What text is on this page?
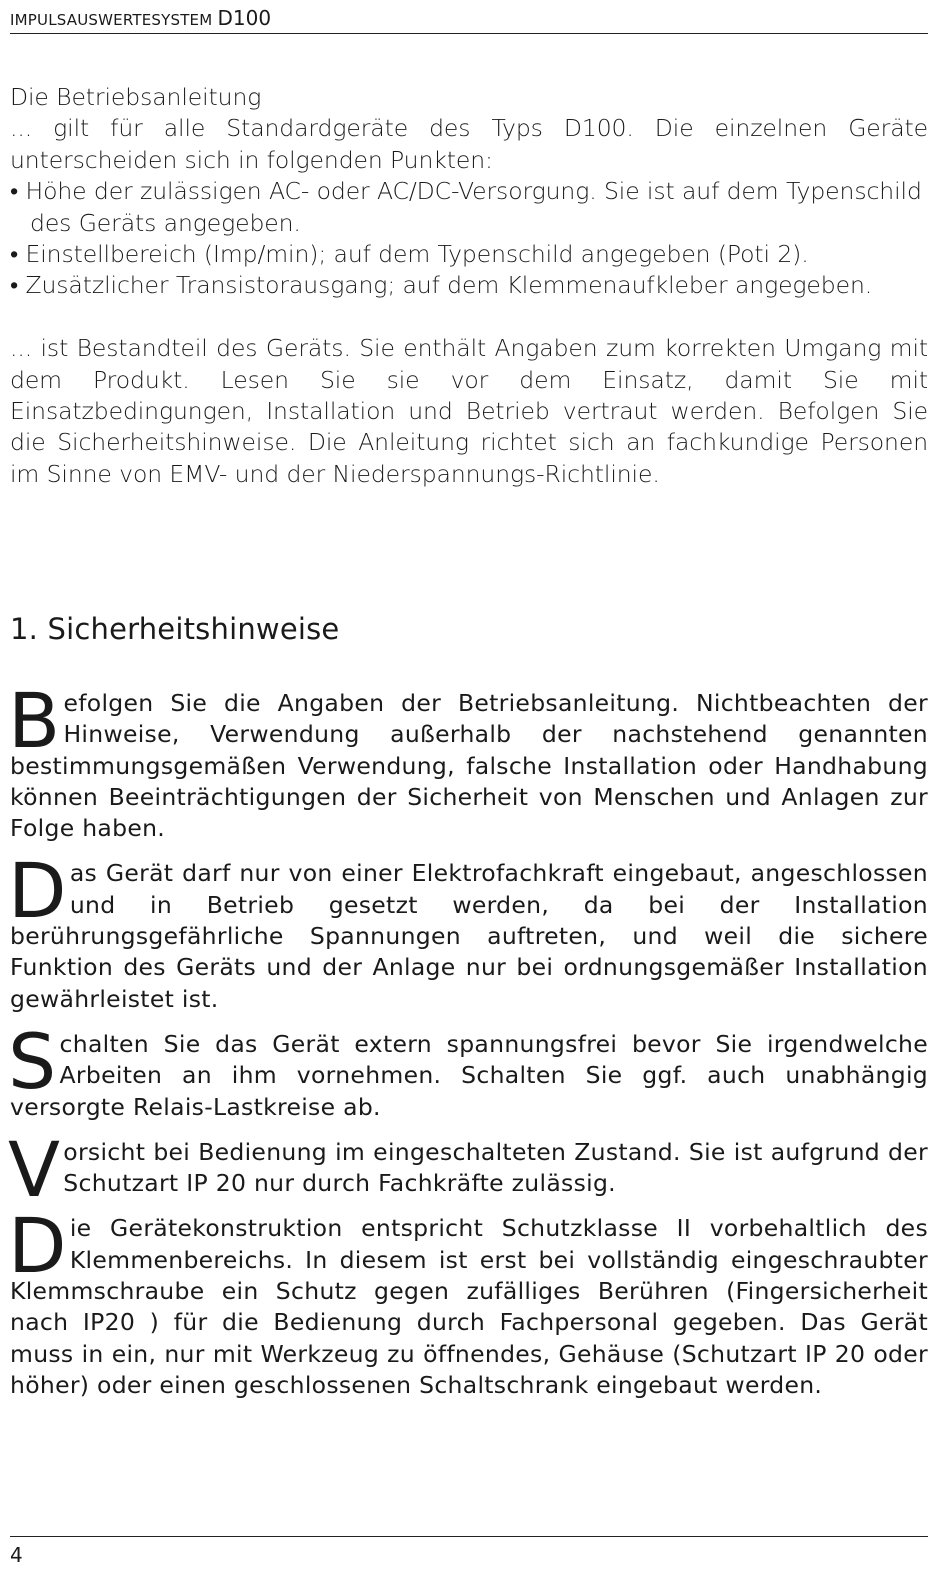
IMPULSAUSWERTESYSTEM D100

Die Betriebsanleitung

... gilt für alle Standardgeräte des Typs D100. Die einzelnen Geräte unterscheiden sich in folgenden Punkten:

• Höhe der zulässigen AC- oder AC/DC-Versorgung. Sie ist auf dem Typenschild des Geräts angegeben.

• Einstellbereich (Imp/min); auf dem Typenschild angegeben (Poti 2).

• Zusätzlicher Transistorausgang; auf dem Klemmenaufkleber angegeben.

... ist Bestandteil des Geräts. Sie enthält Angaben zum korrekten Umgang mit dem Produkt. Lesen Sie sie vor dem Einsatz, damit Sie mit Einsatzbedingungen, Installation und Betrieb vertraut werden. Befolgen Sie die Sicherheitshinweise. Die Anleitung richtet sich an fachkundige Personen im Sinne von EMV- und der Niederspannungs-Richtlinie.

1. Sicherheitshinweise

Befolgen Sie die Angaben der Betriebsanleitung. Nichtbeachten der Hinweise, Verwendung außerhalb der nachstehend genannten bestimmungsgemäßen Verwendung, falsche Installation oder Handhabung können Beeinträchtigungen der Sicherheit von Menschen und Anlagen zur Folge haben.

Das Gerät darf nur von einer Elektrofachkraft eingebaut, angeschlossen und in Betrieb gesetzt werden, da bei der Installation berührungsgefährliche Spannungen auftreten, und weil die sichere Funktion des Geräts und der Anlage nur bei ordnungsgemäßer Installation gewährleistet ist.

Schalten Sie das Gerät extern spannungsfrei bevor Sie irgendwelche Arbeiten an ihm vornehmen. Schalten Sie ggf. auch unabhängig versorgte Relais-Lastkreise ab.

Vorsicht bei Bedienung im eingeschalteten Zustand. Sie ist aufgrund der Schutzart IP 20 nur durch Fachkräfte zulässig.

Die Gerätekonstruktion entspricht Schutzklasse II vorbehaltlich des Klemmenbereichs. In diesem ist erst bei vollständig eingeschraubter Klemmschraube ein Schutz gegen zufälliges Berühren (Fingersicherheit nach IP20 ) für die Bedienung durch Fachpersonal gegeben. Das Gerät muss in ein, nur mit Werkzeug zu öffnendes, Gehäuse (Schutzart IP 20 oder höher) oder einen geschlossenen Schaltschrank eingebaut werden.

4
